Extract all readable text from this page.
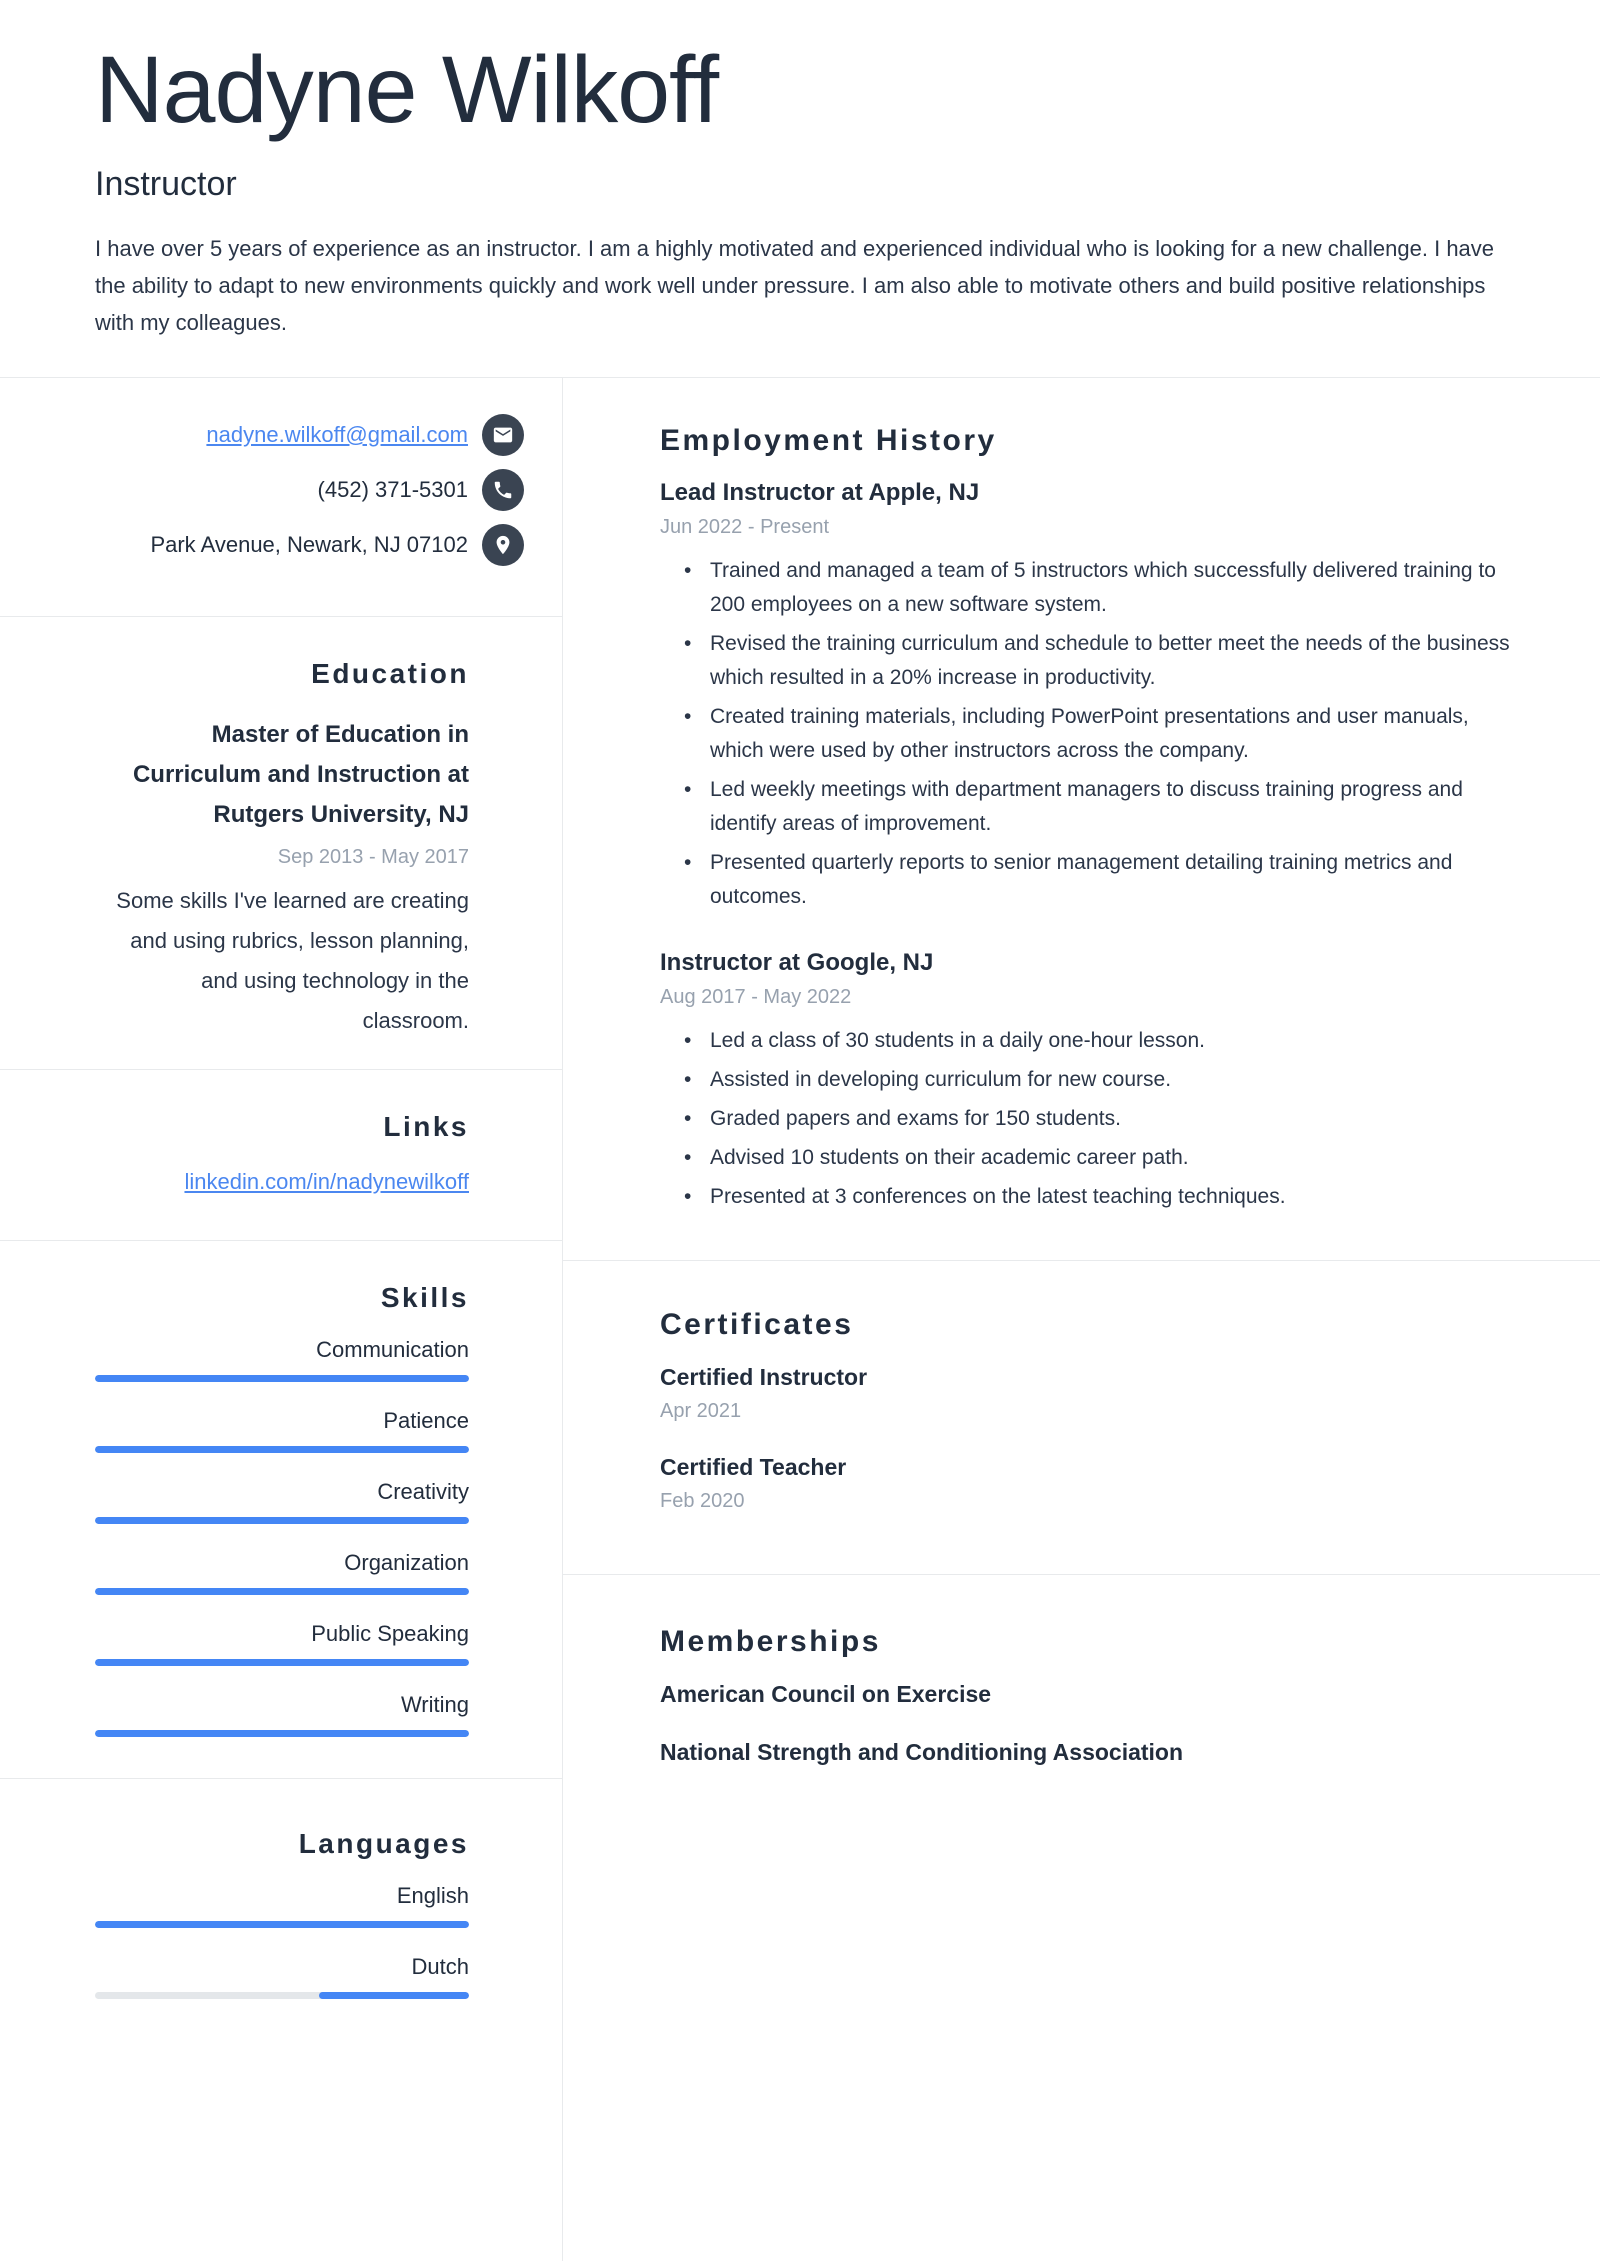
Nadyne Wilkoff
Instructor
I have over 5 years of experience as an instructor. I am a highly motivated and experienced individual who is looking for a new challenge. I have the ability to adapt to new environments quickly and work well under pressure. I am also able to motivate others and build positive relationships with my colleagues.
nadyne.wilkoff@gmail.com
(452) 371-5301
Park Avenue, Newark, NJ 07102
Education
Master of Education in Curriculum and Instruction at Rutgers University, NJ
Sep 2013 - May 2017
Some skills I've learned are creating and using rubrics, lesson planning, and using technology in the classroom.
Links
linkedin.com/in/nadynewilkoff
Skills
Communication
Patience
Creativity
Organization
Public Speaking
Writing
Languages
English
Dutch
Employment History
Lead Instructor at Apple, NJ
Jun 2022 - Present
• Trained and managed a team of 5 instructors which successfully delivered training to 200 employees on a new software system.
• Revised the training curriculum and schedule to better meet the needs of the business which resulted in a 20% increase in productivity.
• Created training materials, including PowerPoint presentations and user manuals, which were used by other instructors across the company.
• Led weekly meetings with department managers to discuss training progress and identify areas of improvement.
• Presented quarterly reports to senior management detailing training metrics and outcomes.
Instructor at Google, NJ
Aug 2017 - May 2022
• Led a class of 30 students in a daily one-hour lesson.
• Assisted in developing curriculum for new course.
• Graded papers and exams for 150 students.
• Advised 10 students on their academic career path.
• Presented at 3 conferences on the latest teaching techniques.
Certificates
Certified Instructor
Apr 2021
Certified Teacher
Feb 2020
Memberships
American Council on Exercise
National Strength and Conditioning Association
